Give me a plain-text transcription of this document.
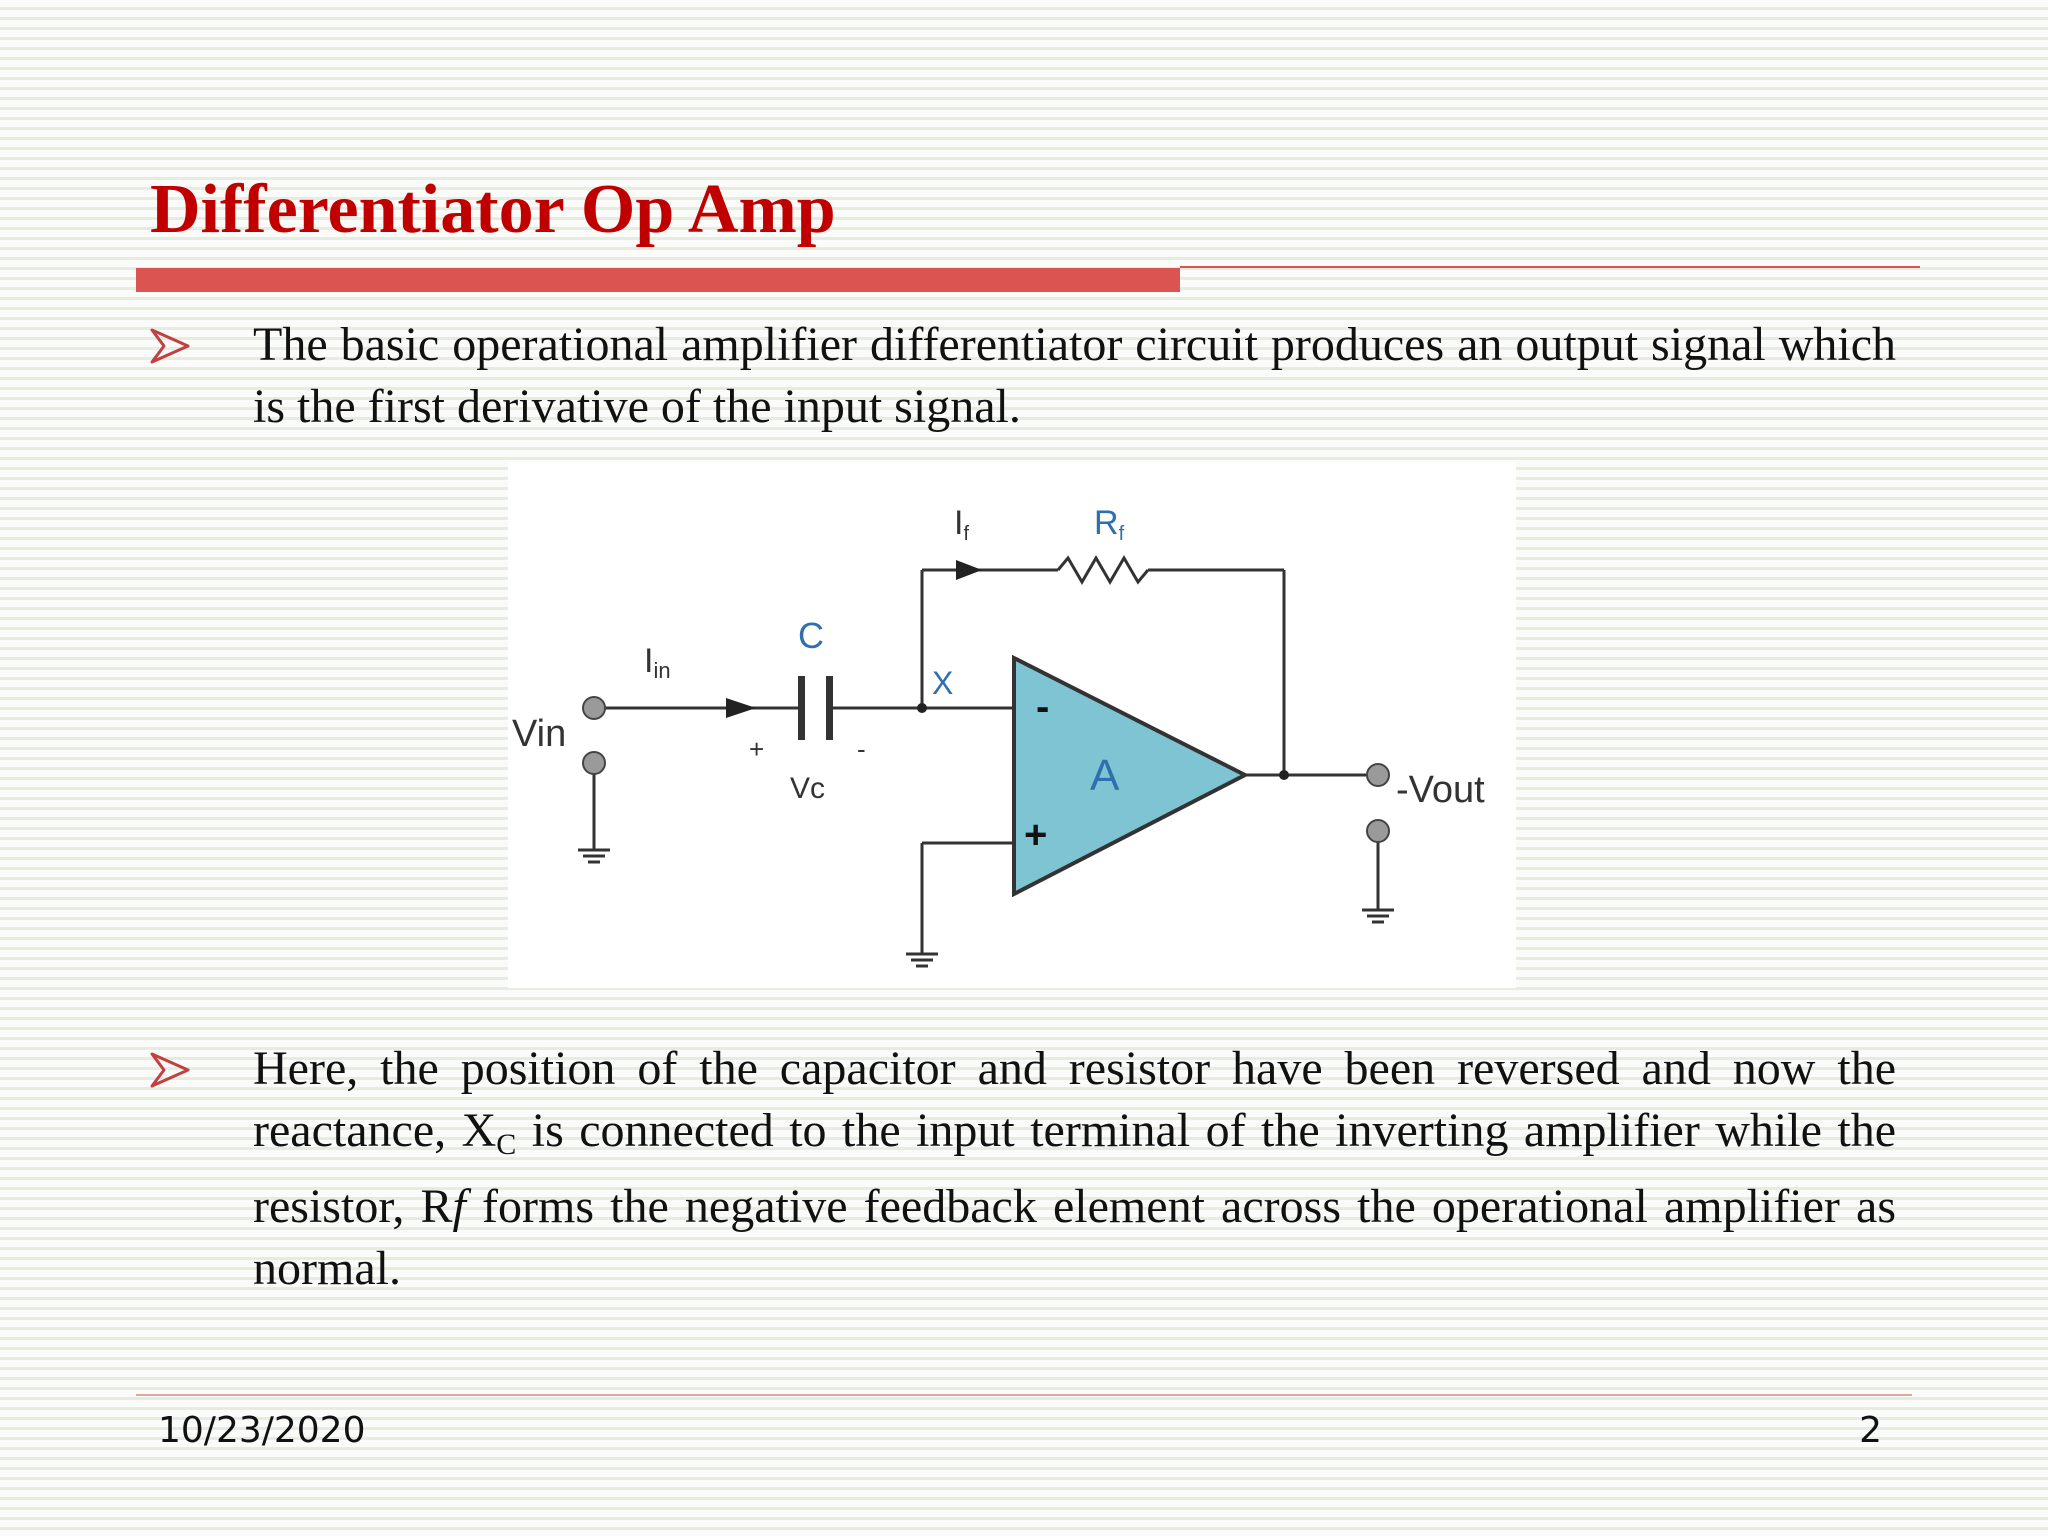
Differentiator Op Amp
The basic operational amplifier differentiator circuit produces an output signal which is the first derivative of the input signal.
If	Rf
Iin
C
X
Vin
Vc
+	-
A
-
+
-Vout
Here, the position of the capacitor and resistor have been reversed and now the reactance, $X_C$ is connected to the input terminal of the inverting amplifier while the resistor, Rf forms the negative feedback element across the operational amplifier as normal.
10/23/2020	2
